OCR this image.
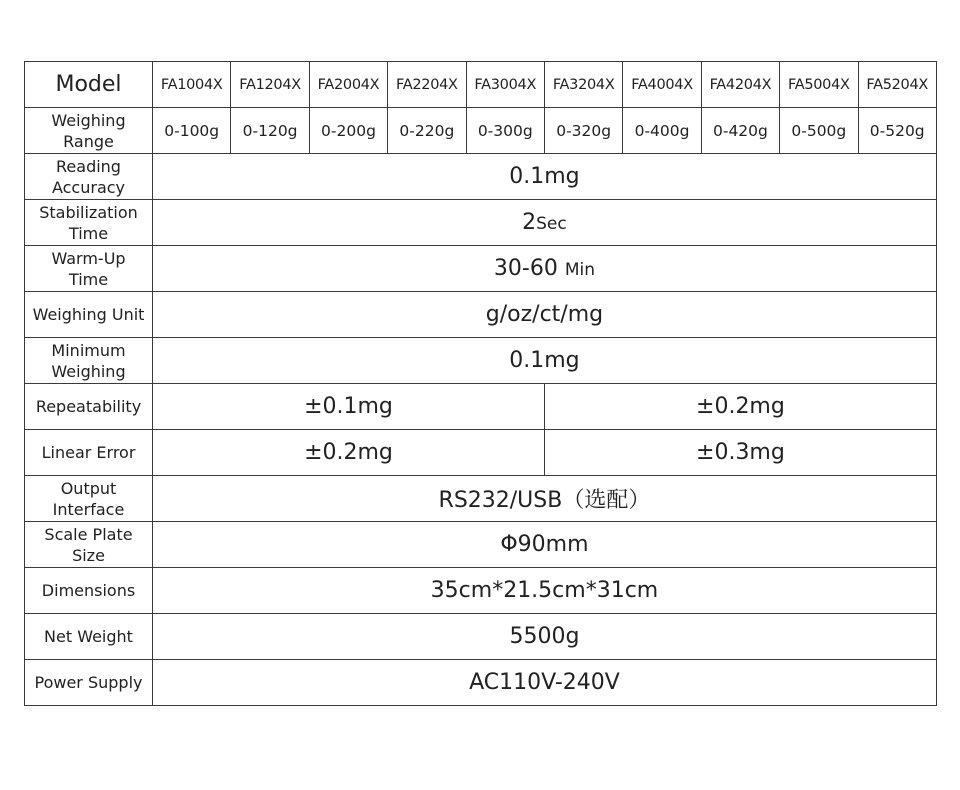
Model	FA1004X	FA1204X	FA2004X	FA2204X	FA3004X	FA3204X	FA4004X	FA4204X	FA5004X	FA5204X
Weighing
Range	0-100g	0-120g	0-200g	0-220g	0-300g	0-320g	0-400g	0-420g	0-500g	0-520g
Reading
Accuracy	0.1mg									
Stabilization
Time	2Sec									
Warm-Up
Time	30-60 Min									
Weighing Unit	g/oz/ct/mg									
Minimum
Weighing	0.1mg									
Repeatability	±0.1mg					±0.2mg				
Linear Error	±0.2mg					±0.3mg				
Output
Interface	RS232/USB（选配）									
Scale Plate
Size	Φ90mm									
Dimensions	35cm*21.5cm*31cm									
Net Weight	5500g									
Power Supply	AC110V-240V									
